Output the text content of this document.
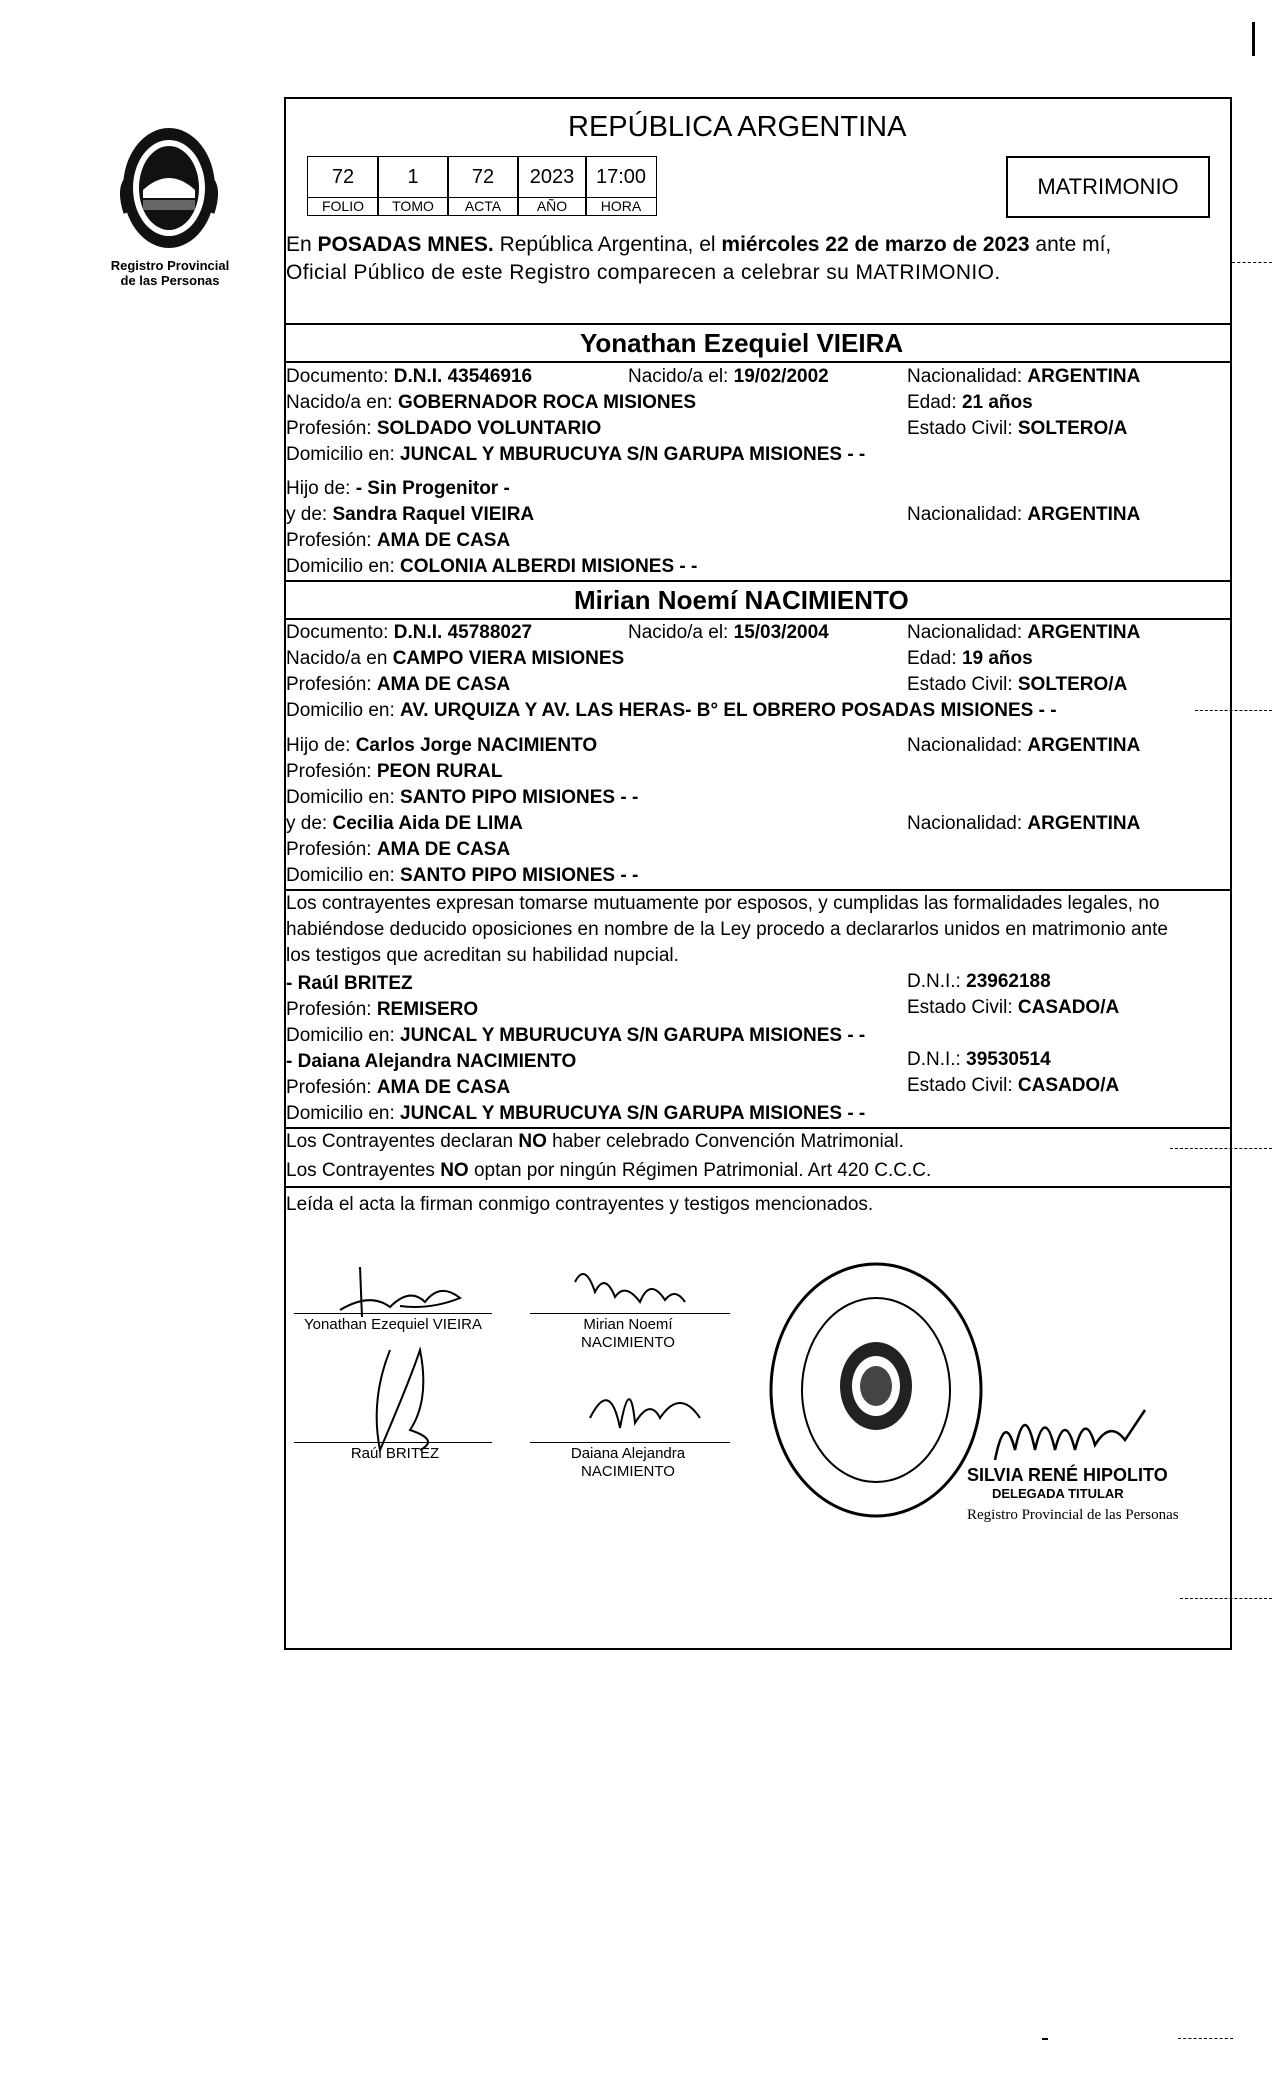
Registro Provincial
de las Personas
REPÚBLICA ARGENTINA
72	1	72	2023	17:00
FOLIO	TOMO	ACTA	AÑO	HORA
MATRIMONIO
En POSADAS MNES. República Argentina, el miércoles 22 de marzo de 2023 ante mí,
Oficial Público de este Registro comparecen a celebrar su MATRIMONIO.
Yonathan Ezequiel VIEIRA
Documento: D.N.I. 43546916	Nacido/a el: 19/02/2002	Nacionalidad: ARGENTINA
Nacido/a en: GOBERNADOR ROCA MISIONES	Edad: 21 años
Profesión: SOLDADO VOLUNTARIO	Estado Civil: SOLTERO/A
Domicilio en: JUNCAL Y MBURUCUYA S/N GARUPA MISIONES - -
Hijo de: - Sin Progenitor -
y de: Sandra Raquel VIEIRA	Nacionalidad: ARGENTINA
Profesión: AMA DE CASA
Domicilio en: COLONIA ALBERDI MISIONES - -
Mirian Noemí NACIMIENTO
Documento: D.N.I. 45788027	Nacido/a el: 15/03/2004	Nacionalidad: ARGENTINA
Nacido/a en CAMPO VIERA MISIONES	Edad: 19 años
Profesión: AMA DE CASA	Estado Civil: SOLTERO/A
Domicilio en: AV. URQUIZA Y AV. LAS HERAS- B° EL OBRERO POSADAS MISIONES - -
Hijo de: Carlos Jorge NACIMIENTO	Nacionalidad: ARGENTINA
Profesión: PEON RURAL
Domicilio en: SANTO PIPO MISIONES - -
y de: Cecilia Aida DE LIMA	Nacionalidad: ARGENTINA
Profesión: AMA DE CASA
Domicilio en: SANTO PIPO MISIONES - -
Los contrayentes expresan tomarse mutuamente por esposos, y cumplidas las formalidades legales, no
habiéndose deducido oposiciones en nombre de la Ley procedo a declararlos unidos en matrimonio ante
los testigos que acreditan su habilidad nupcial.
- Raúl BRITEZ	D.N.I.: 23962188
Profesión: REMISERO	Estado Civil: CASADO/A
Domicilio en: JUNCAL Y MBURUCUYA S/N GARUPA MISIONES - -
- Daiana Alejandra NACIMIENTO	D.N.I.: 39530514
Profesión: AMA DE CASA	Estado Civil: CASADO/A
Domicilio en: JUNCAL Y MBURUCUYA S/N GARUPA MISIONES - -
Los Contrayentes declaran NO haber celebrado Convención Matrimonial.
Los Contrayentes NO optan por ningún Régimen Patrimonial. Art 420 C.C.C.
Leída el acta la firman conmigo contrayentes y testigos mencionados.
Yonathan Ezequiel VIEIRA	Mirian Noemí
NACIMIENTO
Raúl BRITEZ	Daiana Alejandra
NACIMIENTO	SILVIA RENÉ HIPOLITO
DELEGADA TITULAR
Registro Provincial de las Personas
